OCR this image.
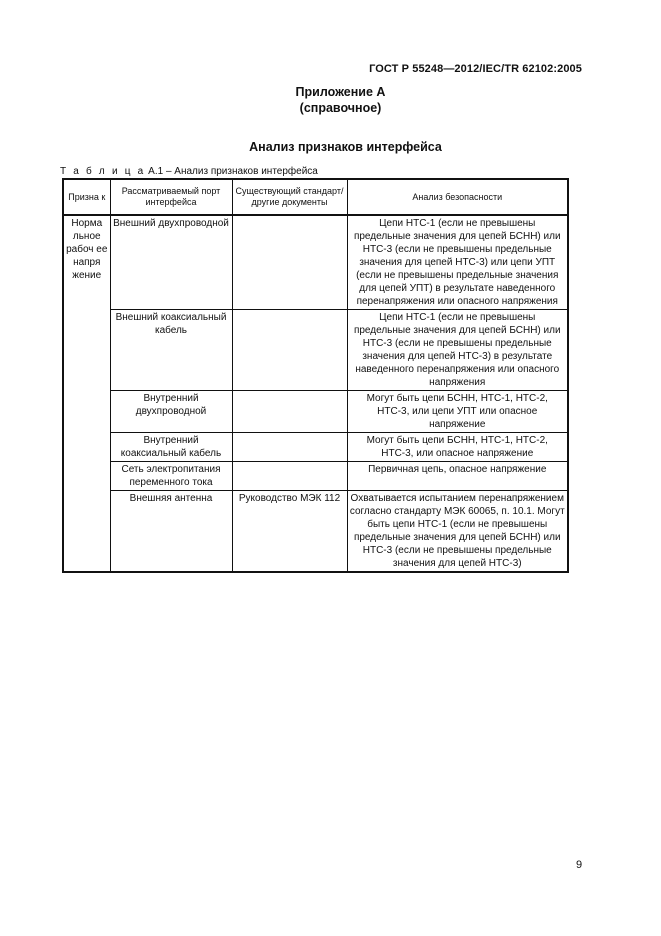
ГОСТ Р 55248—2012/IEC/TR 62102:2005
Приложение А
(справочное)
Анализ признаков интерфейса
Т а б л и ц а А.1 – Анализ признаков интерфейса
Призна к	Рассматриваемый порт интерфейса	Существующий стандарт/другие документы	Анализ безопасности
Норма льное рабоч ее напря жение	Внешний двухпроводной		Цепи НТС-1 (если не превышены предельные значения для цепей БСНН) или НТС-3 (если не превышены предельные значения для цепей НТС-3) или цепи УПТ (если не превышены предельные значения для цепей УПТ) в результате наведенного перенапряжения или опасного напряжения
	Внешний коаксиальный кабель		Цепи НТС-1 (если не превышены предельные значения для цепей БСНН) или НТС-3 (если не превышены предельные значения для цепей НТС-3) в результате наведенного перенапряжения или опасного напряжения
	Внутренний двухпроводной		Могут быть цепи БСНН, НТС-1, НТС-2, НТС-3, или цепи УПТ или опасное напряжение
	Внутренний коаксиальный кабель		Могут быть цепи БСНН, НТС-1, НТС-2, НТС-3, или опасное напряжение
	Сеть электропитания переменного тока		Первичная цепь, опасное напряжение
	Внешняя антенна	Руководство МЭК 112	Охватывается испытанием перенапряжением согласно стандарту МЭК 60065, п. 10.1. Могут быть цепи НТС-1 (если не превышены предельные значения для цепей БСНН) или НТС-3 (если не превышены предельные значения для цепей НТС-3)
9
